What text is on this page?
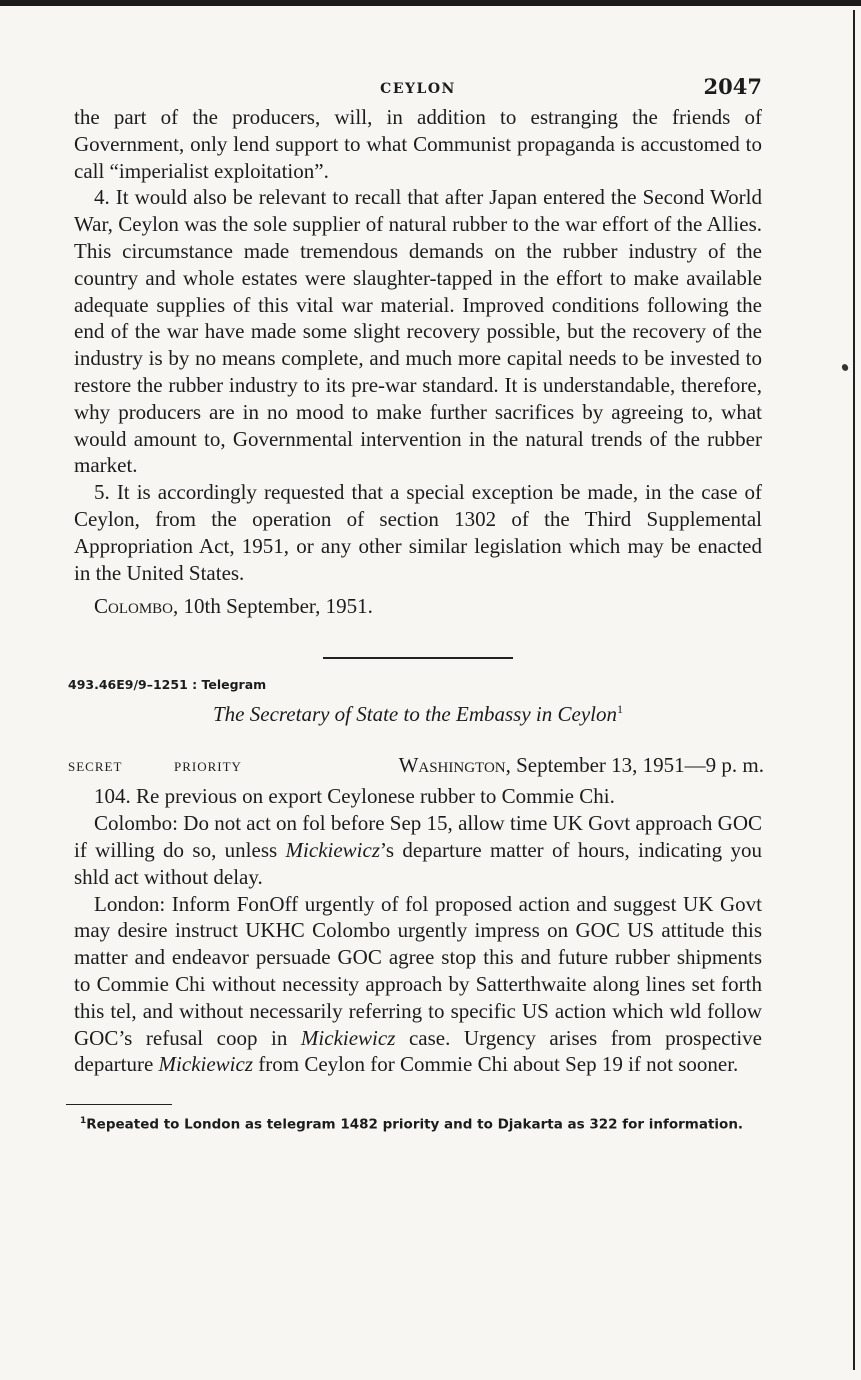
CEYLON	2047

the part of the producers, will, in addition to estranging the friends of Government, only lend support to what Communist propaganda is accustomed to call “imperialist exploitation”.

4. It would also be relevant to recall that after Japan entered the Second World War, Ceylon was the sole supplier of natural rubber to the war effort of the Allies. This circumstance made tremendous demands on the rubber industry of the country and whole estates were slaughter-tapped in the effort to make available adequate supplies of this vital war material. Improved conditions following the end of the war have made some slight recovery possible, but the recovery of the industry is by no means complete, and much more capital needs to be invested to restore the rubber industry to its pre-war standard. It is understandable, therefore, why producers are in no mood to make further sacrifices by agreeing to, what would amount to, Governmental intervention in the natural trends of the rubber market.

5. It is accordingly requested that a special exception be made, in the case of Ceylon, from the operation of section 1302 of the Third Supplemental Appropriation Act, 1951, or any other similar legislation which may be enacted in the United States.

Colombo, 10th September, 1951.
493.46E9/9–1251 : Telegram
The Secretary of State to the Embassy in Ceylon$^1$
SECRET	PRIORITY	Washington, September 13, 1951—9 p. m.

104. Re previous on export Ceylonese rubber to Commie Chi.

Colombo: Do not act on fol before Sep 15, allow time UK Govt approach GOC if willing do so, unless Mickiewicz’s departure matter of hours, indicating you shld act without delay.

London: Inform FonOff urgently of fol proposed action and suggest UK Govt may desire instruct UKHC Colombo urgently impress on GOC US attitude this matter and endeavor persuade GOC agree stop this and future rubber shipments to Commie Chi without necessity approach by Satterthwaite along lines set forth this tel, and without necessarily referring to specific US action which wld follow GOC’s refusal coop in Mickiewicz case. Urgency arises from prospective departure Mickiewicz from Ceylon for Commie Chi about Sep 19 if not sooner.

$^1$Repeated to London as telegram 1482 priority and to Djakarta as 322 for information.
